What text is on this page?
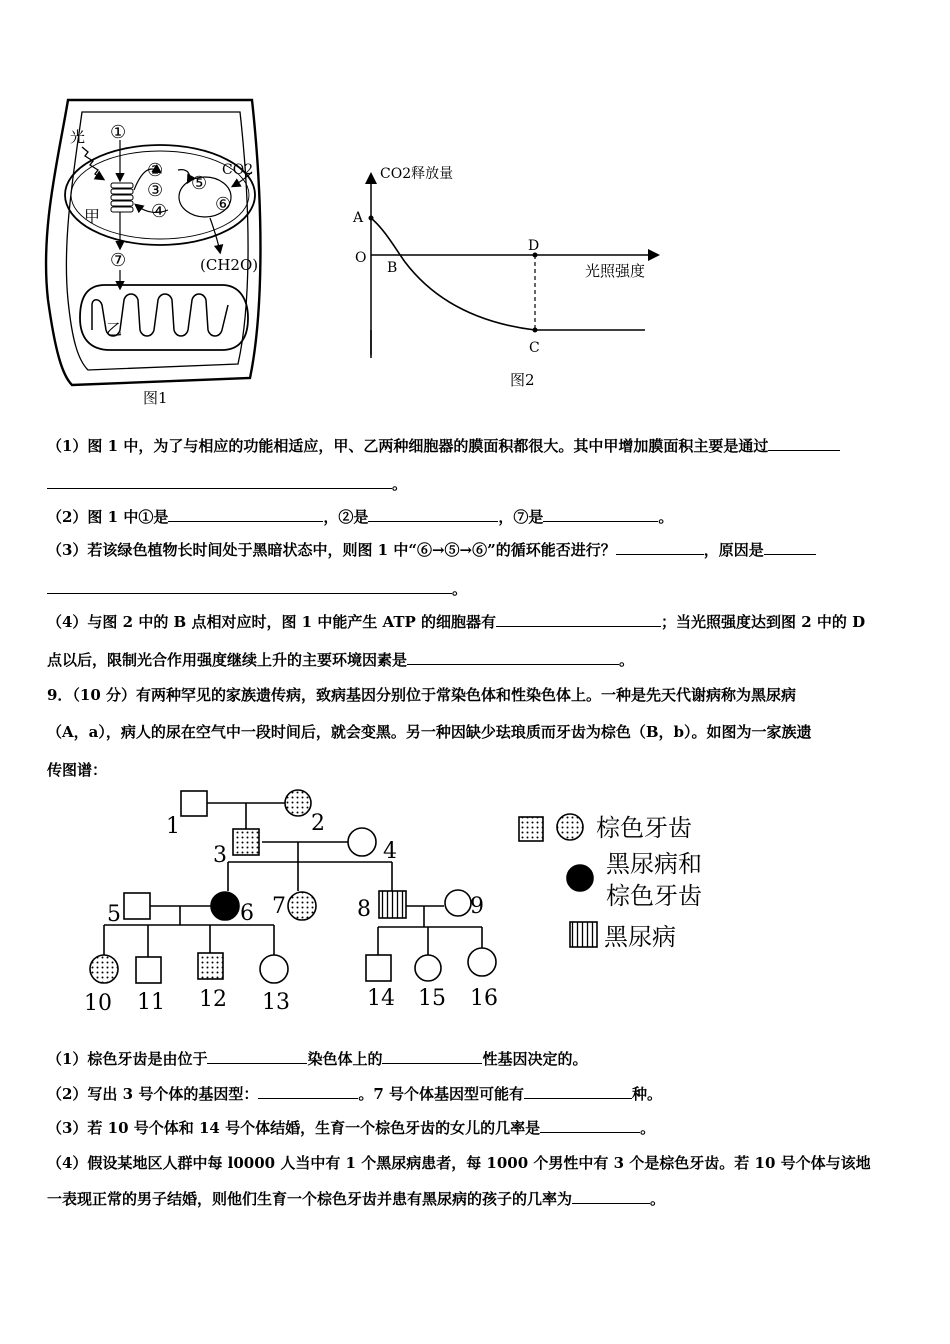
光 ①
②
③
④
⑤
⑥
⑦
CO2
(CH2O)
甲
乙
图1
CO2释放量
光照强度
A
O
B
D
C
图2
1	2
3	4
5	6 7	8	9
10 11 12 13	14 15 16
棕色牙齿
黑尿病和
棕色牙齿
黑尿病
（1）图 1 中，为了与相应的功能相适应，甲、乙两种细胞器的膜面积都很大。其中甲增加膜面积主要是通过
。
（2）图 1 中①是	，②是	，⑦是	。
（3）若该绿色植物长时间处于黑暗状态中，则图 1 中“⑥→⑤→⑥”的循环能否进行？	，原因是
。
（4）与图 2 中的 B 点相对应时，图 1 中能产生 ATP 的细胞器有	；当光照强度达到图 2 中的 D
点以后，限制光合作用强度继续上升的主要环境因素是	。
9．（10 分）有两种罕见的家族遗传病，致病基因分别位于常染色体和性染色体上。一种是先天代谢病称为黑尿病
（A，a），病人的尿在空气中一段时间后，就会变黑。另一种因缺少珐琅质而牙齿为棕色（B，b）。如图为一家族遗
传图谱：
（1）棕色牙齿是由位于	染色体上的	性基因决定的。
（2）写出 3 号个体的基因型：	。7 号个体基因型可能有	种。
（3）若 10 号个体和 14 号个体结婚，生育一个棕色牙齿的女儿的几率是	。
（4）假设某地区人群中每 l0000 人当中有 1 个黑尿病患者，每 1000 个男性中有 3 个是棕色牙齿。若 10 号个体与该地
一表现正常的男子结婚，则他们生育一个棕色牙齿并患有黑尿病的孩子的几率为	。
